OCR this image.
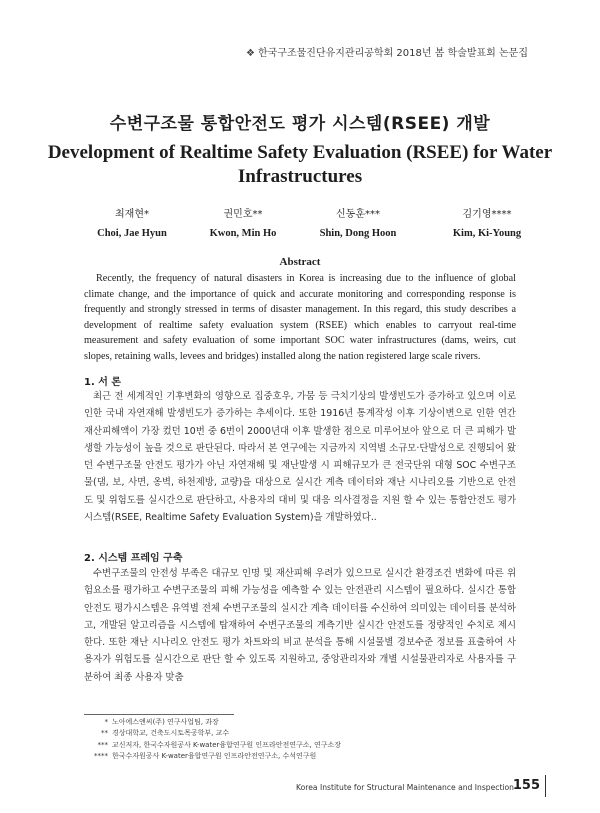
❖ 한국구조물진단유지관리공학회 2018년 봄 학술발표회 논문집
수변구조물 통합안전도 평가 시스템(RSEE) 개발
Development of Realtime Safety Evaluation (RSEE) for Water Infrastructures
최재현*
Choi, Jae Hyun
권민호**
Kwon, Min Ho
신동훈***
Shin, Dong Hoon
김기영****
Kim, Ki-Young
Abstract

Recently, the frequency of natural disasters in Korea is increasing due to the influence of global climate change, and the importance of quick and accurate monitoring and corresponding response is frequently and strongly stressed in terms of disaster management. In this regard, this study describes a development of realtime safety evaluation system (RSEE) which enables to carryout real-time measurement and safety evaluation of some important SOC water infrastructures (dams, weirs, cut slopes, retaining walls, levees and bridges) installed along the nation registered large scale rivers.

1. 서 론

최근 전 세계적인 기후변화의 영향으로 집중호우, 가뭄 등 극치기상의 발생빈도가 증가하고 있으며 이로 인한 국내 자연재해 발생빈도가 증가하는 추세이다. 또한 1916년 통계작성 이후 기상이변으로 인한 연간 재산피해액이 가장 컸던 10번 중 6번이 2000년대 이후 발생한 점으로 미루어보아 앞으로 더 큰 피해가 발생할 가능성이 높을 것으로 판단된다. 따라서 본 연구에는 지금까지 지역별 소규모·단발성으로 진행되어 왔던 수변구조물 안전도 평가가 아닌 자연재해 및 재난발생 시 피해규모가 큰 전국단위 대형 SOC 수변구조물(댐, 보, 사면, 옹벽, 하천제방, 교량)을 대상으로 실시간 계측 데이터와 재난 시나리오를 기반으로 안전도 및 위험도를 실시간으로 판단하고, 사용자의 대비 및 대응 의사결정을 지원 할 수 있는 통합안전도 평가 시스템(RSEE, Realtime Safety Evaluation System)을 개발하였다..

2. 시스템 프레임 구축

수변구조물의 안전성 부족은 대규모 인명 및 재산피해 우려가 있으므로 실시간 환경조건 변화에 따른 위험요소를 평가하고 수변구조물의 피해 가능성을 예측할 수 있는 안전관리 시스템이 필요하다. 실시간 통합안전도 평가시스템은 유역별 전체 수변구조물의 실시간 계측 데이터를 수신하여 의미있는 데이터를 분석하고, 개발된 알고리즘을 시스템에 탑재하여 수변구조물의 계측기반 실시간 안전도를 정량적인 수치로 제시한다. 또한 재난 시나리오 안전도 평가 차트와의 비교 분석을 통해 시설물별 경보수준 정보를 표출하여 사용자가 위험도를 실시간으로 판단 할 수 있도록 지원하고, 중앙관리자와 개별 시설물관리자로 사용자를 구분하여 최종 사용자 맞춤

* 노아에스앤씨(주) 연구사업팀, 과장
** 경상대학교, 건축도시토목공학부, 교수
*** 교신저자, 한국수자원공사 K-water융합연구원 인프라안전연구소, 연구소장
**** 한국수자원공사 K-water융합연구원 인프라안전연구소, 수석연구원
Korea Institute for Structural Maintenance and Inspection
155
